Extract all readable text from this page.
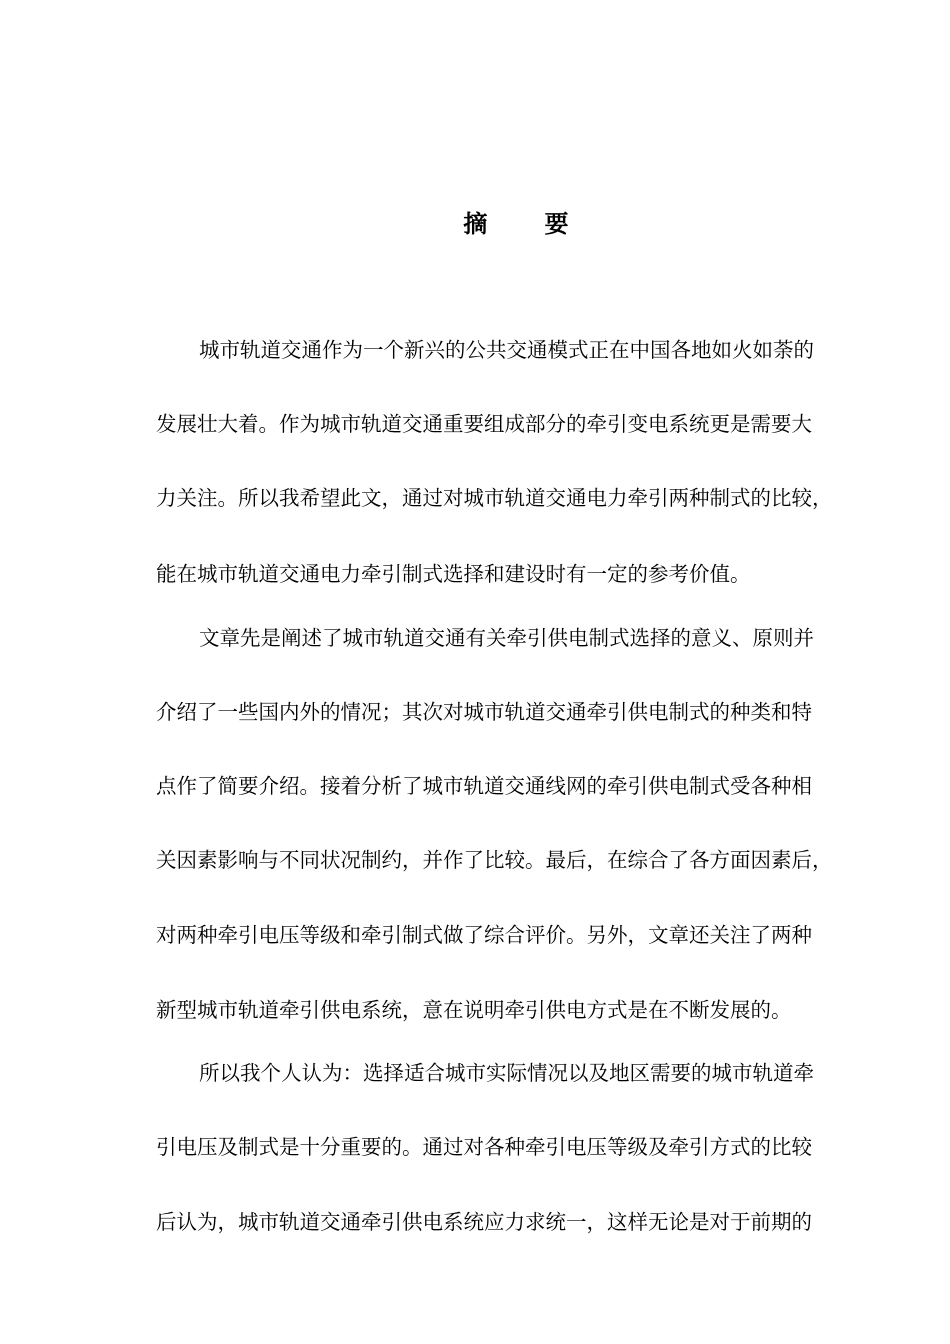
摘      要
城市轨道交通作为一个新兴的公共交通模式正在中国各地如火如荼的
发展壮大着。作为城市轨道交通重要组成部分的牵引变电系统更是需要大
力关注。所以我希望此文，通过对城市轨道交通电力牵引两种制式的比较，
能在城市轨道交通电力牵引制式选择和建设时有一定的参考价值。
文章先是阐述了城市轨道交通有关牵引供电制式选择的意义、原则并
介绍了一些国内外的情况；其次对城市轨道交通牵引供电制式的种类和特
点作了简要介绍。接着分析了城市轨道交通线网的牵引供电制式受各种相
关因素影响与不同状况制约，并作了比较。最后，在综合了各方面因素后，
对两种牵引电压等级和牵引制式做了综合评价。另外，文章还关注了两种
新型城市轨道牵引供电系统，意在说明牵引供电方式是在不断发展的。
所以我个人认为：选择适合城市实际情况以及地区需要的城市轨道牵
引电压及制式是十分重要的。通过对各种牵引电压等级及牵引方式的比较
后认为，城市轨道交通牵引供电系统应力求统一，这样无论是对于前期的
